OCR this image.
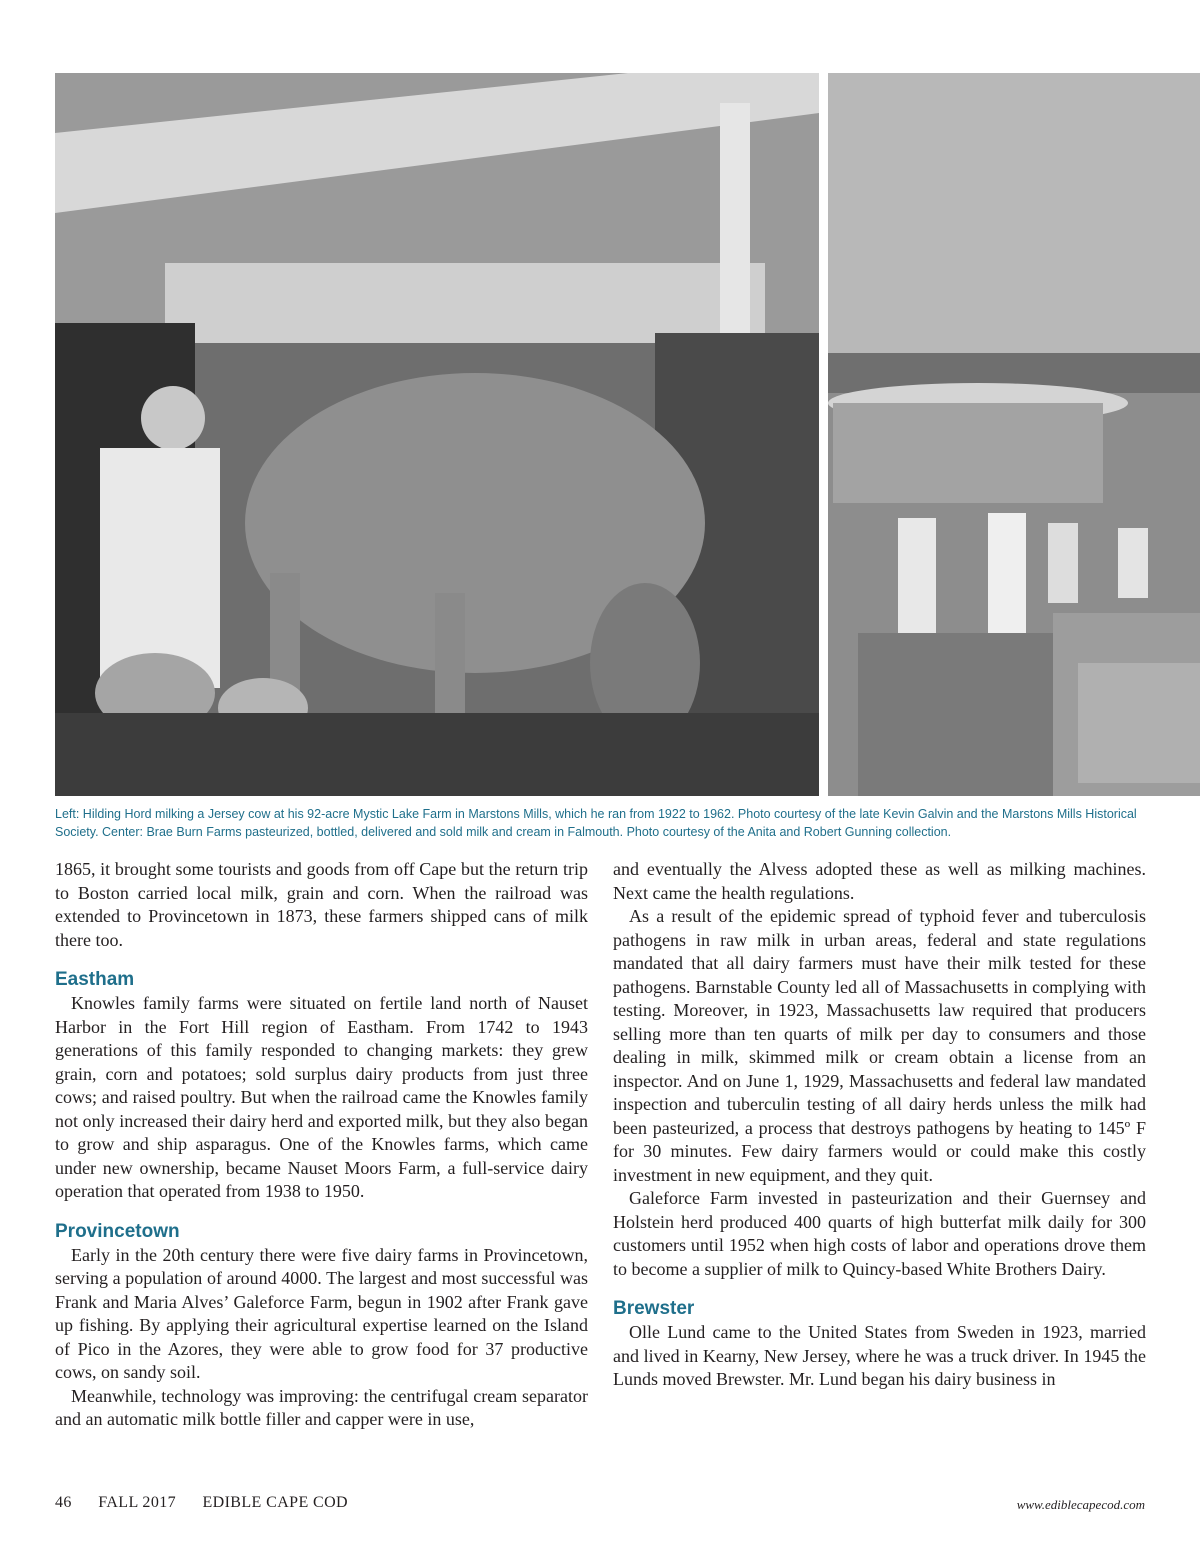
Left: Hilding Hord milking a Jersey cow at his 92-acre Mystic Lake Farm in Marstons Mills, which he ran from 1922 to 1962. Photo courtesy of the late Kevin Galvin and the Marstons Mills Historical Society. Center: Brae Burn Farms pasteurized, bottled, delivered and sold milk and cream in Falmouth. Photo courtesy of the Anita and Robert Gunning collection.

1865, it brought some tourists and goods from off Cape but the return trip to Boston carried local milk, grain and corn. When the railroad was extended to Provincetown in 1873, these farmers shipped cans of milk there too.

Eastham

Knowles family farms were situated on fertile land north of Nauset Harbor in the Fort Hill region of Eastham. From 1742 to 1943 generations of this family responded to changing markets: they grew grain, corn and potatoes; sold surplus dairy products from just three cows; and raised poultry. But when the railroad came the Knowles family not only increased their dairy herd and exported milk, but they also began to grow and ship asparagus. One of the Knowles farms, which came under new ownership, became Nauset Moors Farm, a full-service dairy operation that operated from 1938 to 1950.

Provincetown

Early in the 20th century there were five dairy farms in Provincetown, serving a population of around 4000. The largest and most successful was Frank and Maria Alves’ Galeforce Farm, begun in 1902 after Frank gave up fishing. By applying their agricultural expertise learned on the Island of Pico in the Azores, they were able to grow food for 37 productive cows, on sandy soil.

Meanwhile, technology was improving: the centrifugal cream separator and an automatic milk bottle filler and capper were in use,

and eventually the Alvess adopted these as well as milking machines. Next came the health regulations.

As a result of the epidemic spread of typhoid fever and tuberculosis pathogens in raw milk in urban areas, federal and state regulations mandated that all dairy farmers must have their milk tested for these pathogens. Barnstable County led all of Massachusetts in complying with testing. Moreover, in 1923, Massachusetts law required that producers selling more than ten quarts of milk per day to consumers and those dealing in milk, skimmed milk or cream obtain a license from an inspector. And on June 1, 1929, Massachusetts and federal law mandated inspection and tuberculin testing of all dairy herds unless the milk had been pasteurized, a process that destroys pathogens by heating to 145º F for 30 minutes. Few dairy farmers would or could make this costly investment in new equipment, and they quit.

Galeforce Farm invested in pasteurization and their Guernsey and Holstein herd produced 400 quarts of high butterfat milk daily for 300 customers until 1952 when high costs of labor and operations drove them to become a supplier of milk to Quincy-based White Brothers Dairy.

Brewster

Olle Lund came to the United States from Sweden in 1923, married and lived in Kearny, New Jersey, where he was a truck driver. In 1945 the Lunds moved Brewster. Mr. Lund began his dairy business in

46 FALL 2017 EDIBLE CAPE COD	www.ediblecapecod.com
